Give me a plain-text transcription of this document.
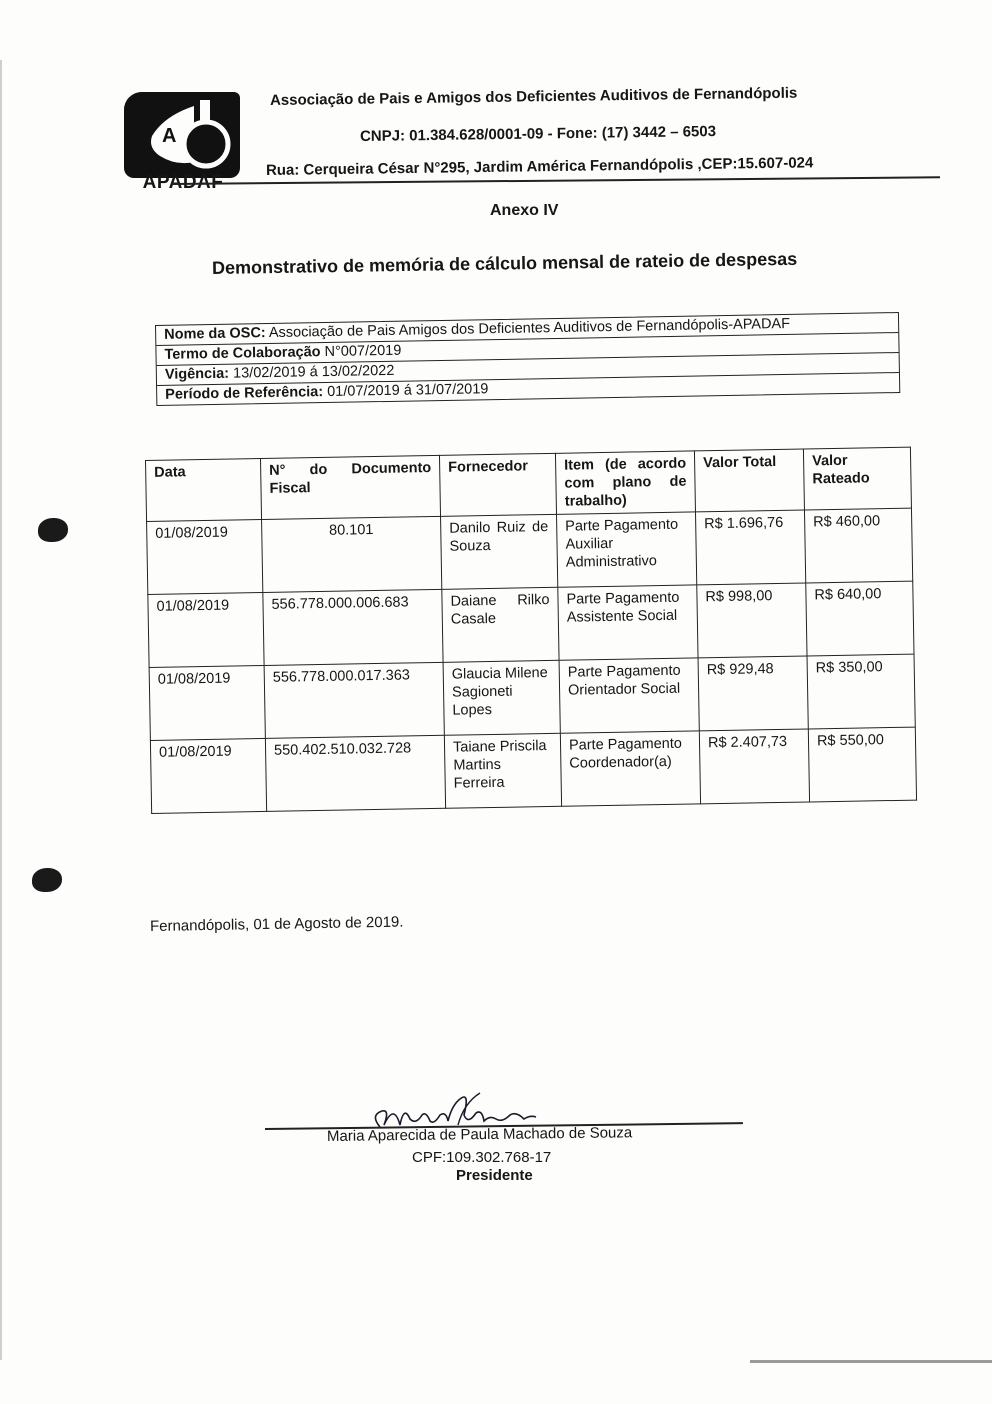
A
APADAF
Associação de Pais e Amigos dos Deficientes Auditivos de Fernandópolis
CNPJ: 01.384.628/0001-09 - Fone: (17) 3442 – 6503
Rua: Cerqueira César N°295, Jardim América Fernandópolis ,CEP:15.607-024
Anexo IV
Demonstrativo de memória de cálculo mensal de rateio de despesas
Nome da OSC: Associação de Pais Amigos dos Deficientes Auditivos de Fernandópolis-APADAF
Termo de Colaboração N°007/2019
Vigência: 13/02/2019 á 13/02/2022
Período de Referência: 01/07/2019 á 31/07/2019
Data	N° do Documento Fiscal	Fornecedor	Item (de acordo com plano de trabalho)	Valor Total	Valor Rateado
01/08/2019	80.101	Danilo Ruiz de Souza	Parte Pagamento Auxiliar Administrativo	R$ 1.696,76	R$ 460,00
01/08/2019	556.778.000.006.683	Daiane Rilko Casale	Parte Pagamento Assistente Social	R$ 998,00	R$ 640,00
01/08/2019	556.778.000.017.363	Glaucia Milene Sagioneti Lopes	Parte Pagamento Orientador Social	R$ 929,48	R$ 350,00
01/08/2019	550.402.510.032.728	Taiane Priscila Martins Ferreira	Parte Pagamento Coordenador(a)	R$ 2.407,73	R$ 550,00
Fernandópolis, 01 de Agosto de 2019.
Maria Aparecida de Paula Machado de Souza
CPF:109.302.768-17
Presidente
